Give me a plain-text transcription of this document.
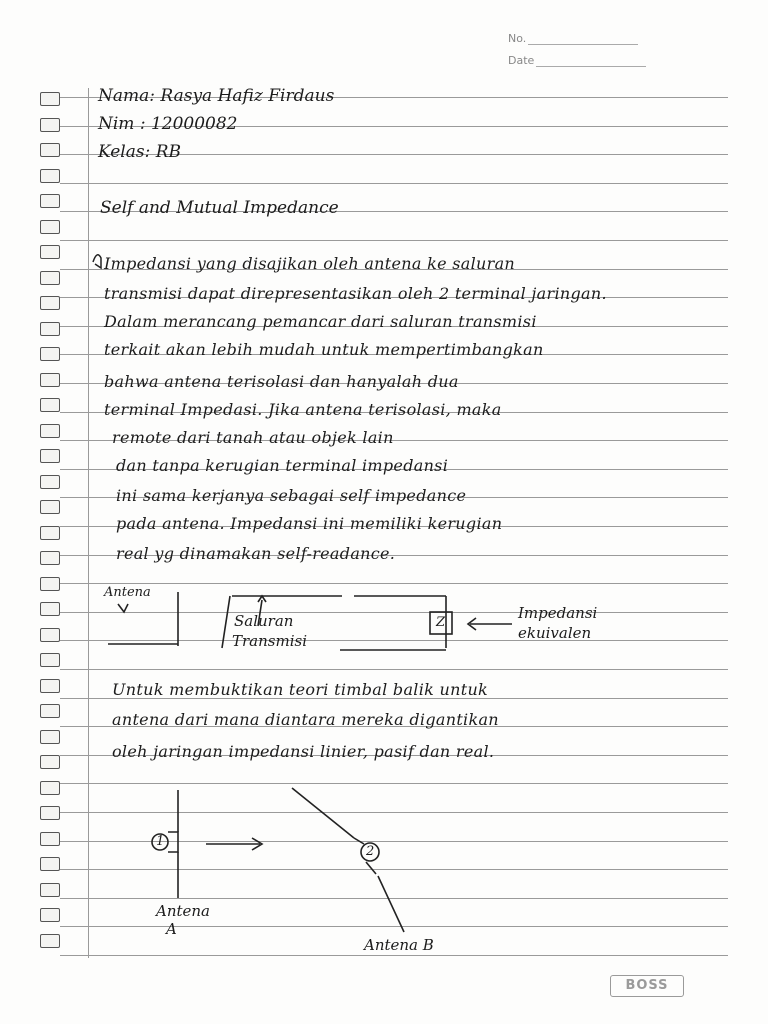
No.
Date
Nama: Rasya Hafiz Firdaus
Nim : 12000082
Kelas: RB
Self and Mutual Impedance
Impedansi yang disajikan oleh antena ke saluran
transmisi dapat direpresentasikan oleh 2 terminal jaringan.
Dalam merancang pemancar dari saluran transmisi
terkait akan lebih mudah untuk mempertimbangkan
bahwa antena terisolasi dan hanyalah dua
terminal Impedasi. Jika antena terisolasi, maka
remote dari tanah atau objek lain
dan tanpa kerugian terminal impedansi
ini sama kerjanya sebagai self impedance
pada antena. Impedansi ini memiliki kerugian
real yg dinamakan self-readance.
Untuk membuktikan teori timbal balik untuk
antena dari mana diantara mereka digantikan
oleh jaringan impedansi linier, pasif dan real.
Antena
Saluran
Transmisi
Z
Impedansi
ekuivalen
1
2
Antena
A
Antena B
BOSS
